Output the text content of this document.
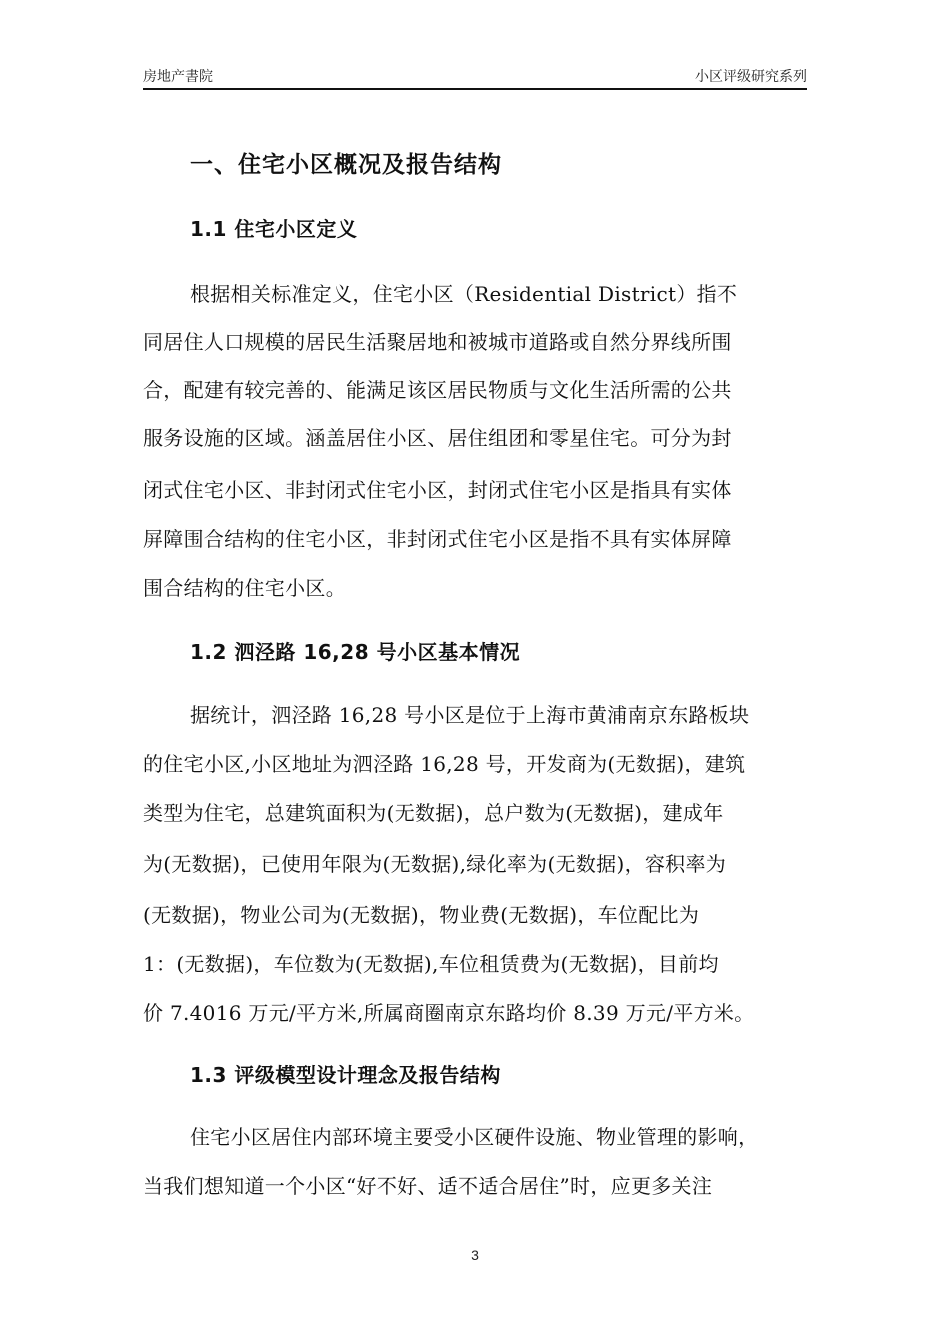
房地产書院	小区评级研究系列
一、住宅小区概况及报告结构
1.1 住宅小区定义
根据相关标准定义，住宅小区（Residential District）指不
同居住人口规模的居民生活聚居地和被城市道路或自然分界线所围
合，配建有较完善的、能满足该区居民物质与文化生活所需的公共
服务设施的区域。涵盖居住小区、居住组团和零星住宅。可分为封
闭式住宅小区、非封闭式住宅小区，封闭式住宅小区是指具有实体
屏障围合结构的住宅小区，非封闭式住宅小区是指不具有实体屏障
围合结构的住宅小区。
1.2 泗泾路 16,28 号小区基本情况
据统计，泗泾路 16,28 号小区是位于上海市黄浦南京东路板块
的住宅小区,小区地址为泗泾路 16,28 号，开发商为(无数据)，建筑
类型为住宅，总建筑面积为(无数据)，总户数为(无数据)，建成年
为(无数据)，已使用年限为(无数据),绿化率为(无数据)，容积率为
(无数据)，物业公司为(无数据)，物业费(无数据)，车位配比为
1：(无数据)，车位数为(无数据),车位租赁费为(无数据)，目前均
价 7.4016 万元/平方米,所属商圈南京东路均价 8.39 万元/平方米。
1.3 评级模型设计理念及报告结构
住宅小区居住内部环境主要受小区硬件设施、物业管理的影响，
当我们想知道一个小区“好不好、适不适合居住”时，应更多关注
3
